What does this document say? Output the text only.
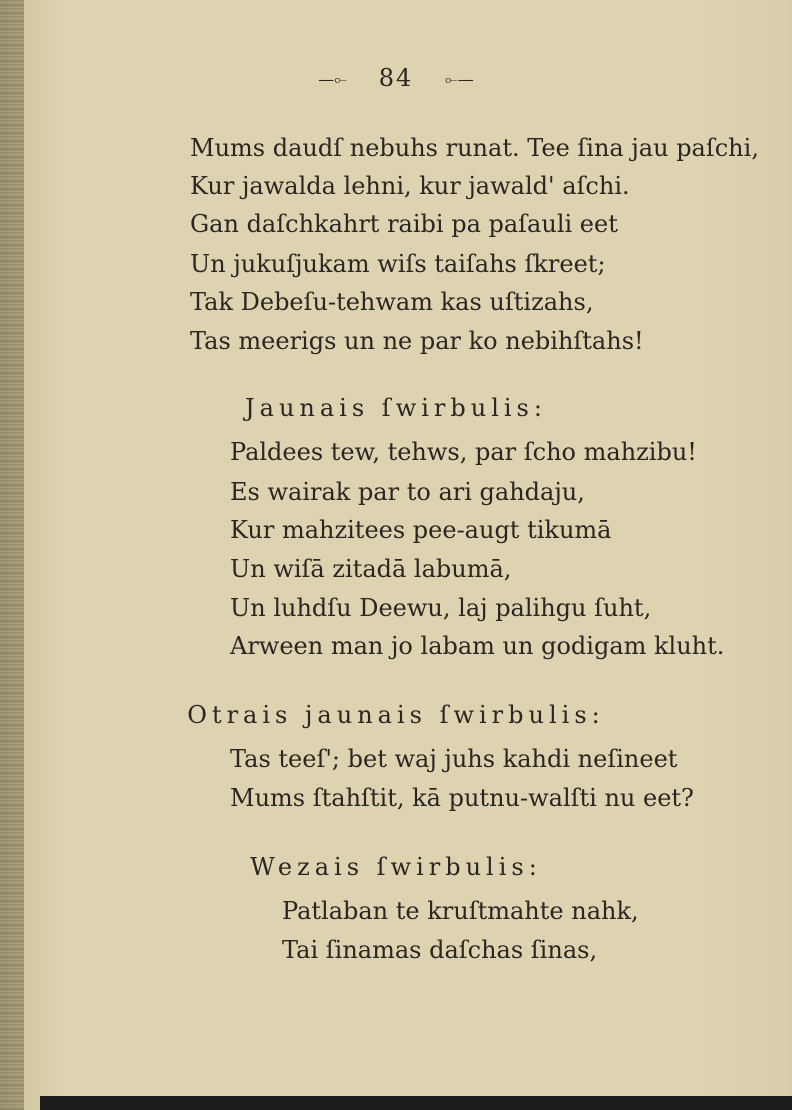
—⟜ 84 ⟜—
Mums daudſ nebuhs runat. Tee ſina jau paſchi,
Kur jawalda lehni, kur jawald' aſchi.
Gan daſchkahrt raibi pa paſauli eet
Un jukuſjukam wiſs taiſahs ſkreet;
Tak Debeſu-tehwam kas uſtizahs,
Tas meerigs un ne par ko nebihſtahs!
Jaunais ſwirbulis:
Paldees tew, tehws, par ſcho mahzibu!
Es wairak par to ari gahdaju,
Kur mahzitees pee-augt tikumā
Un wiſā zitadā labumā,
Un luhdſu Deewu, laj palihgu ſuht,
Arween man jo labam un godigam kluht.
Otrais jaunais ſwirbulis:
Tas teeſ'; bet waj juhs kahdi neſineet
Mums ſtahſtit, kā putnu-walſti nu eet?
Wezais ſwirbulis:
Patlaban te kruſtmahte nahk,
Tai ſinamas daſchas ſinas,
